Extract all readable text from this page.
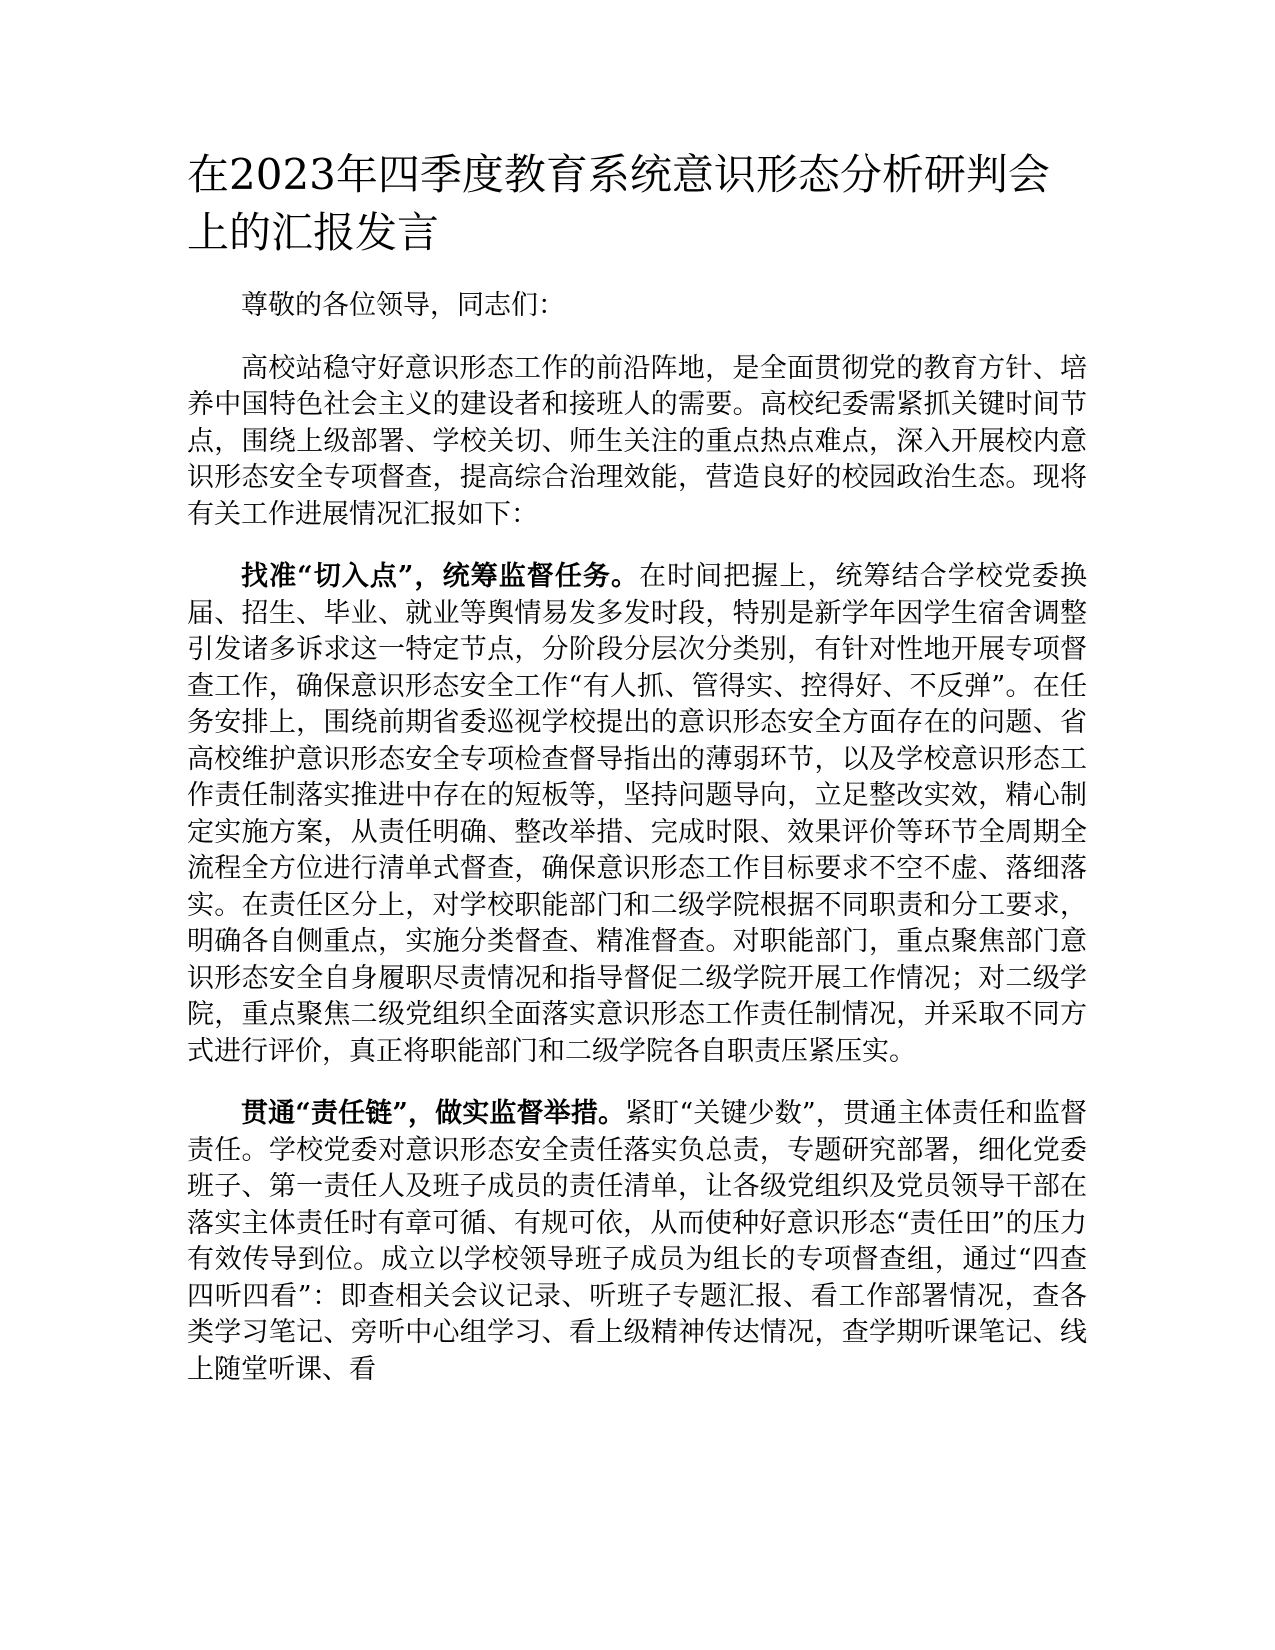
在2023年四季度教育系统意识形态分析研判会上的汇报发言

尊敬的各位领导，同志们：

高校站稳守好意识形态工作的前沿阵地，是全面贯彻党的教育方针、培养中国特色社会主义的建设者和接班人的需要。高校纪委需紧抓关键时间节点，围绕上级部署、学校关切、师生关注的重点热点难点，深入开展校内意识形态安全专项督查，提高综合治理效能，营造良好的校园政治生态。现将有关工作进展情况汇报如下：

找准“切入点”，统筹监督任务。在时间把握上，统筹结合学校党委换届、招生、毕业、就业等舆情易发多发时段，特别是新学年因学生宿舍调整引发诸多诉求这一特定节点，分阶段分层次分类别，有针对性地开展专项督查工作，确保意识形态安全工作“有人抓、管得实、控得好、不反弹”。在任务安排上，围绕前期省委巡视学校提出的意识形态安全方面存在的问题、省高校维护意识形态安全专项检查督导指出的薄弱环节，以及学校意识形态工作责任制落实推进中存在的短板等，坚持问题导向，立足整改实效，精心制定实施方案，从责任明确、整改举措、完成时限、效果评价等环节全周期全流程全方位进行清单式督查，确保意识形态工作目标要求不空不虚、落细落实。在责任区分上，对学校职能部门和二级学院根据不同职责和分工要求，明确各自侧重点，实施分类督查、精准督查。对职能部门，重点聚焦部门意识形态安全自身履职尽责情况和指导督促二级学院开展工作情况；对二级学院，重点聚焦二级党组织全面落实意识形态工作责任制情况，并采取不同方式进行评价，真正将职能部门和二级学院各自职责压紧压实。

贯通“责任链”，做实监督举措。紧盯“关键少数”，贯通主体责任和监督责任。学校党委对意识形态安全责任落实负总责，专题研究部署，细化党委班子、第一责任人及班子成员的责任清单，让各级党组织及党员领导干部在落实主体责任时有章可循、有规可依，从而使种好意识形态“责任田”的压力有效传导到位。成立以学校领导班子成员为组长的专项督查组，通过“四查四听四看”：即查相关会议记录、听班子专题汇报、看工作部署情况，查各类学习笔记、旁听中心组学习、看上级精神传达情况，查学期听课笔记、线上随堂听课、看
